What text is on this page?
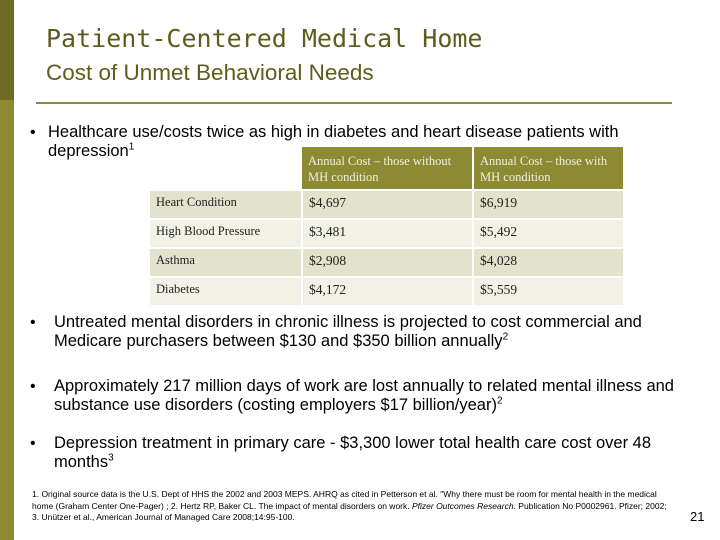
Patient-Centered Medical Home
Cost of Unmet Behavioral Needs
• Healthcare use/costs twice as high in diabetes and heart disease patients with depression$^1$
	Annual Cost – those without MH condition	Annual Cost – those with MH condition
Heart Condition	$4,697	$6,919
High Blood Pressure	$3,481	$5,492
Asthma	$2,908	$4,028
Diabetes	$4,172	$5,559
• Untreated mental disorders in chronic illness is projected to cost commercial and Medicare purchasers between $130 and $350 billion annually$^2$
• Approximately 217 million days of work are lost annually to related mental illness and substance use disorders (costing employers $17 billion/year)$^2$
• Depression treatment in primary care - $3,300 lower total health care cost over 48 months$^3$
1. Original source data is the U.S. Dept of HHS the 2002 and 2003 MEPS. AHRQ as cited in Petterson et al. "Why there must be room for mental health in the medical home (Graham Center One-Pager) ; 2. Hertz RP, Baker CL. The impact of mental disorders on work. Pfizer Outcomes Research. Publication No P0002961. Pfizer; 2002; 3. Unützer et al., American Journal of Managed Care 2008;14:95-100.	21
